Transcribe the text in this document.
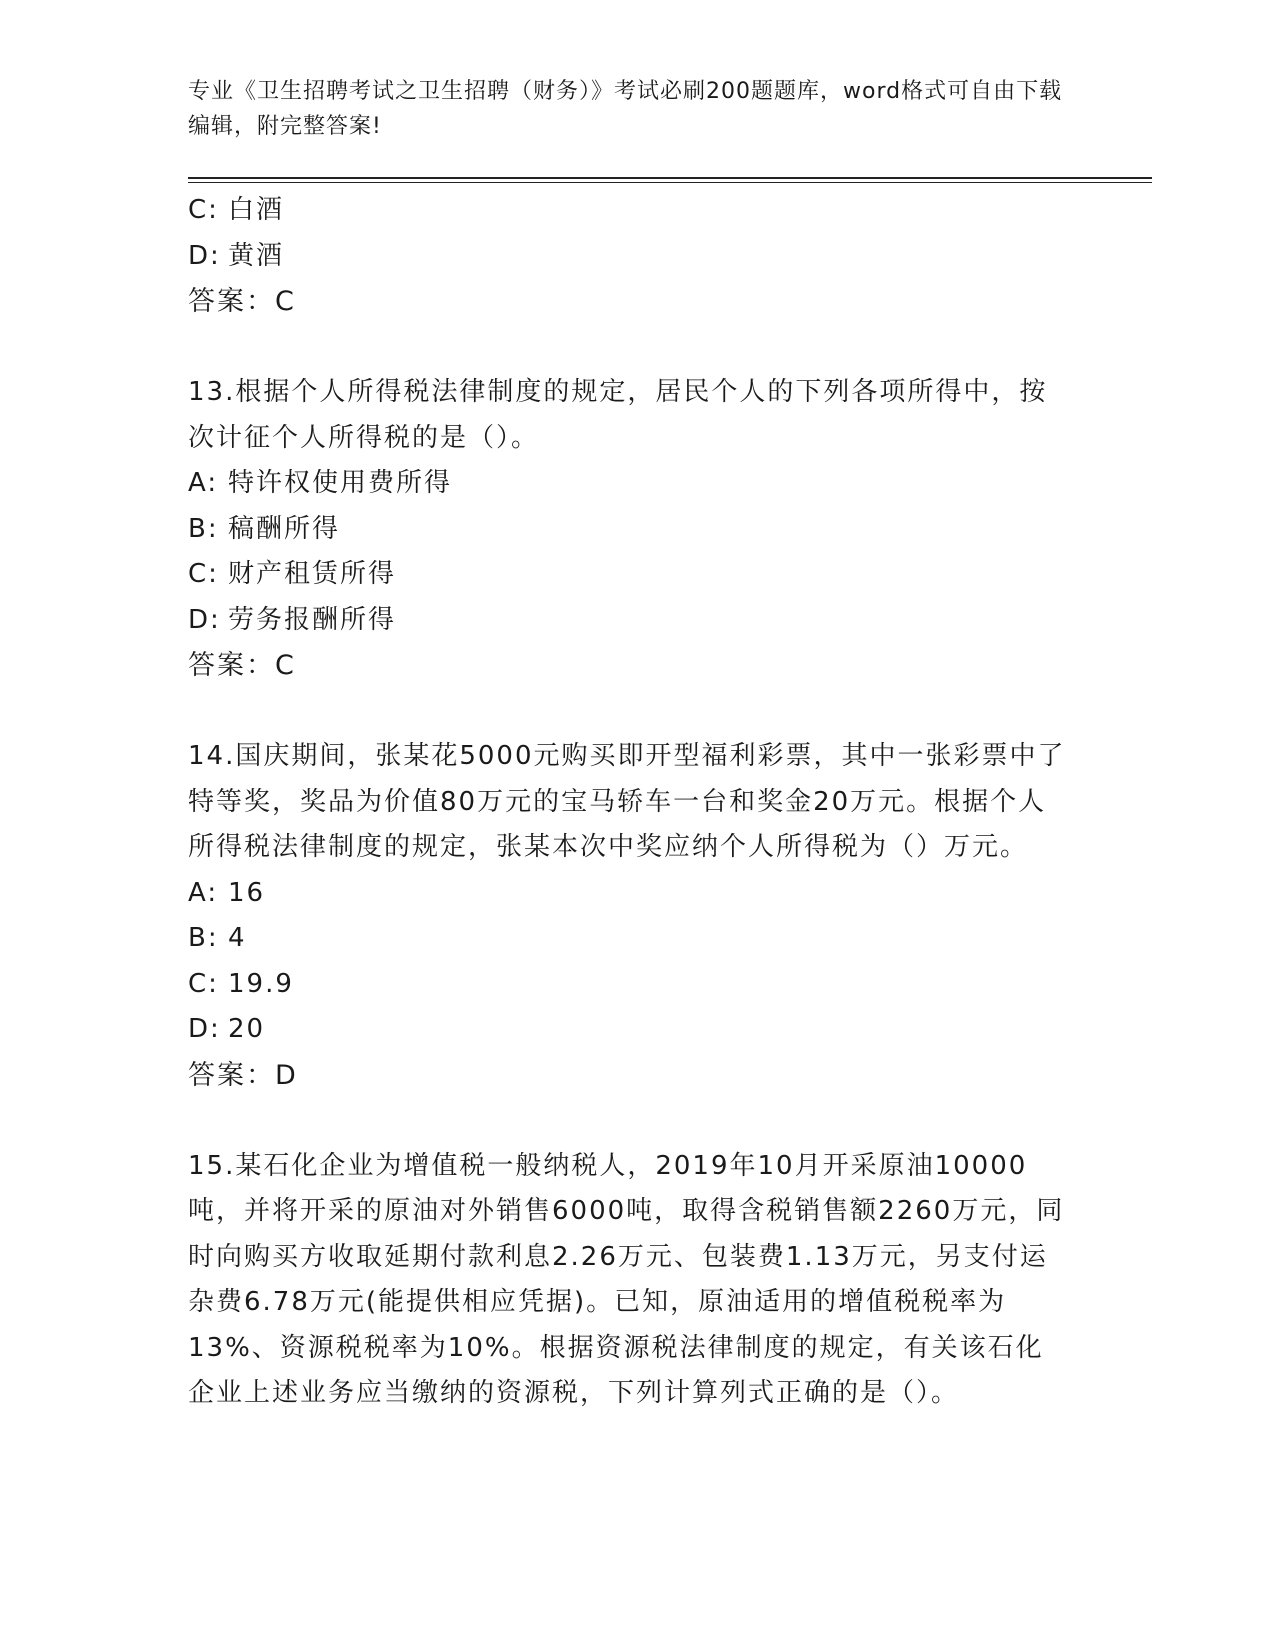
专业《卫生招聘考试之卫生招聘（财务）》考试必刷200题题库，word格式可自由下载编辑，附完整答案!
C: 白酒
D: 黄酒
答案：C
13.根据个人所得税法律制度的规定，居民个人的下列各项所得中，按次计征个人所得税的是（）。
A: 特许权使用费所得
B: 稿酬所得
C: 财产租赁所得
D: 劳务报酬所得
答案：C
14.国庆期间，张某花5000元购买即开型福利彩票，其中一张彩票中了特等奖，奖品为价值80万元的宝马轿车一台和奖金20万元。根据个人所得税法律制度的规定，张某本次中奖应纳个人所得税为（）万元。
A: 16
B: 4
C: 19.9
D: 20
答案：D
15.某石化企业为增值税一般纳税人，2019年10月开采原油10000吨，并将开采的原油对外销售6000吨，取得含税销售额2260万元，同时向购买方收取延期付款利息2.26万元、包装费1.13万元，另支付运杂费6.78万元(能提供相应凭据)。已知，原油适用的增值税税率为13%、资源税税率为10%。根据资源税法律制度的规定，有关该石化企业上述业务应当缴纳的资源税，下列计算列式正确的是（）。
